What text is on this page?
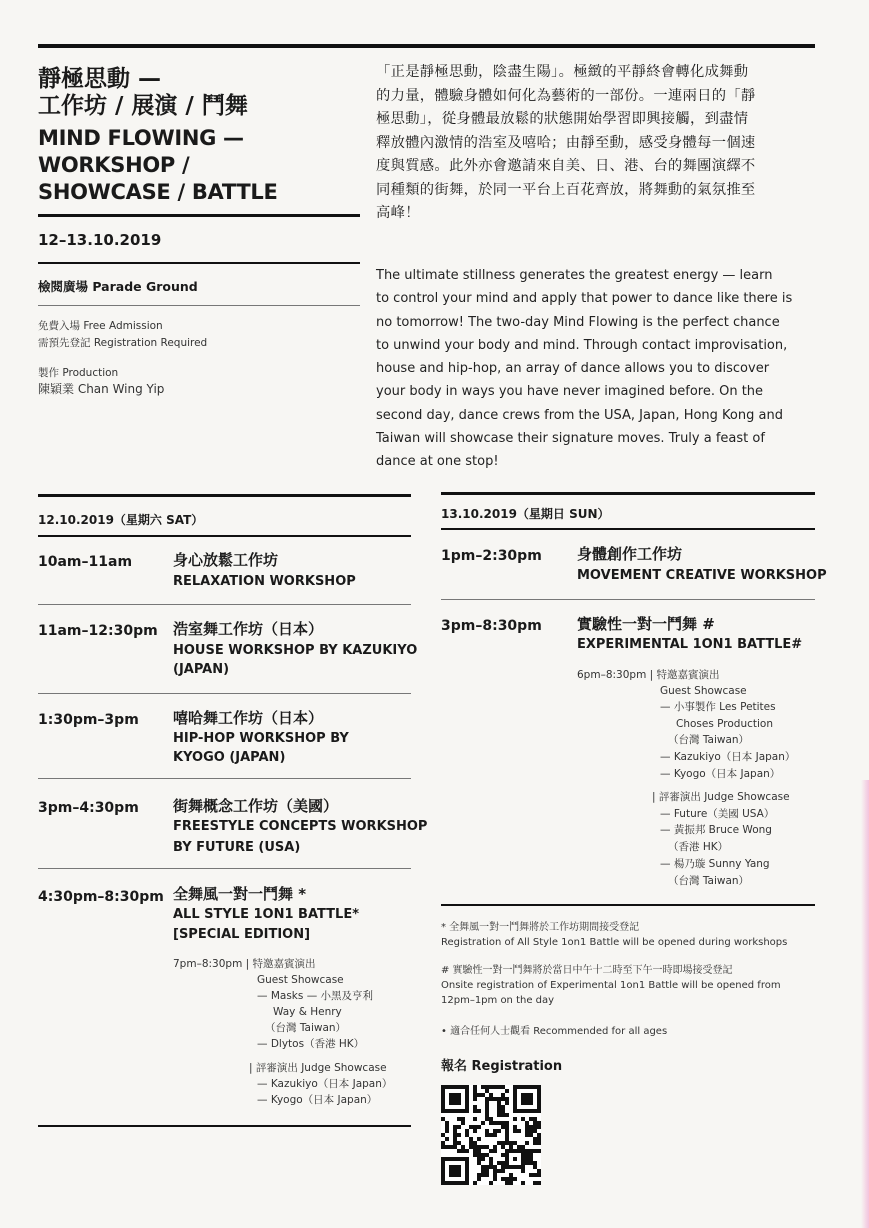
靜極思動 —
工作坊 / 展演 / 鬥舞
MIND FLOWING —
WORKSHOP /
SHOWCASE / BATTLE
12–13.10.2019
檢閱廣場 Parade Ground
免費入場 Free Admission
需預先登記 Registration Required
製作 Production
陳穎業 Chan Wing Yip
「正是靜極思動，陰盡生陽」。極緻的平靜終會轉化成舞動
的力量，體驗身體如何化為藝術的一部份。一連兩日的「靜
極思動」，從身體最放鬆的狀態開始學習即興接觸，到盡情
釋放體內激情的浩室及嘻哈；由靜至動，感受身體每一個速
度與質感。此外亦會邀請來自美、日、港、台的舞團演繹不
同種類的街舞，於同一平台上百花齊放，將舞動的氣氛推至
高峰！
The ultimate stillness generates the greatest energy — learn
to control your mind and apply that power to dance like there is
no tomorrow! The two-day Mind Flowing is the perfect chance
to unwind your body and mind. Through contact improvisation,
house and hip-hop, an array of dance allows you to discover
your body in ways you have never imagined before. On the
second day, dance crews from the USA, Japan, Hong Kong and
Taiwan will showcase their signature moves. Truly a feast of
dance at one stop!
12.10.2019（星期六 SAT）
10am–11am	身心放鬆工作坊
RELAXATION WORKSHOP
11am–12:30pm 浩室舞工作坊（日本）
HOUSE WORKSHOP BY KAZUKIYO
(JAPAN)
1:30pm–3pm 嘻哈舞工作坊（日本）
HIP-HOP WORKSHOP BY
KYOGO (JAPAN)
3pm–4:30pm 街舞概念工作坊（美國）
FREESTYLE CONCEPTS WORKSHOP
BY FUTURE (USA)
4:30pm–8:30pm 全舞風一對一鬥舞 *
ALL STYLE 1ON1 BATTLE*
[SPECIAL EDITION]
7pm–8:30pm | 特邀嘉賓演出
Guest Showcase
— Masks — 小黑及亨利
Way & Henry
（台灣 Taiwan）
— Dlytos（香港 HK）
| 評審演出 Judge Showcase
— Kazukiyo（日本 Japan）
— Kyogo（日本 Japan）
13.10.2019（星期日 SUN）
1pm–2:30pm 身體創作工作坊
MOVEMENT CREATIVE WORKSHOP
3pm–8:30pm 實驗性一對一鬥舞 #
EXPERIMENTAL 1ON1 BATTLE#
6pm–8:30pm | 特邀嘉賓演出
Guest Showcase
— 小事製作 Les Petites
Choses Production
（台灣 Taiwan）
— Kazukiyo（日本 Japan）
— Kyogo（日本 Japan）
| 評審演出 Judge Showcase
— Future（美國 USA）
— 黃振邦 Bruce Wong
（香港 HK）
— 楊乃璇 Sunny Yang
（台灣 Taiwan）
* 全舞風一對一鬥舞將於工作坊期間接受登記
Registration of All Style 1on1 Battle will be opened during workshops
# 實驗性一對一鬥舞將於當日中午十二時至下午一時即場接受登記
Onsite registration of Experimental 1on1 Battle will be opened from
12pm–1pm on the day
• 適合任何人士觀看 Recommended for all ages
報名 Registration
